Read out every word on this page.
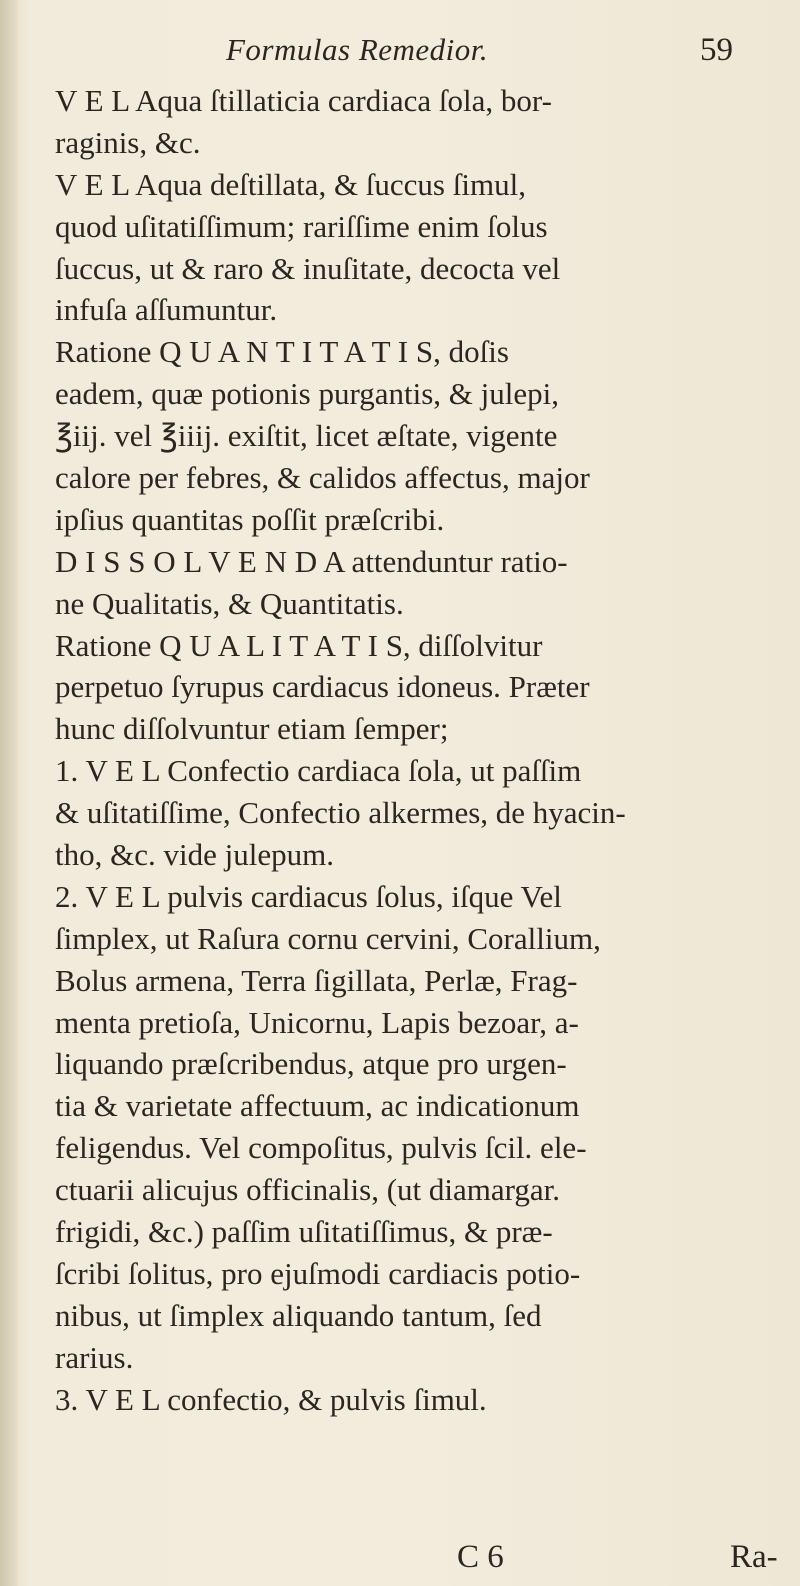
Formulas Remedior.	59
V E L Aqua ſtillaticia cardiaca ſola, bor-
raginis, &c.
V E L Aqua deſtillata, & ſuccus ſimul,
quod uſitatiſſimum; rariſſime enim ſolus
ſuccus, ut & raro & inuſitate, decocta vel
infuſa aſſumuntur.
Ratione Q U A N T I T A T I S, doſis
eadem, quæ potionis purgantis, & julepi,
℥iij. vel ℥iiij. exiſtit, licet æſtate, vigente
calore per febres, & calidos affectus, major
ipſius quantitas poſſit præſcribi.
D I S S O L V E N D A attenduntur ratio-
ne Qualitatis, & Quantitatis.
Ratione Q U A L I T A T I S, diſſolvitur
perpetuo ſyrupus cardiacus idoneus. Præter
hunc diſſolvuntur etiam ſemper;
1. V E L Confectio cardiaca ſola, ut paſſim
& uſitatiſſime, Confectio alkermes, de hyacin-
tho, &c. vide julepum.
2. V E L pulvis cardiacus ſolus, iſque Vel
ſimplex, ut Raſura cornu cervini, Corallium,
Bolus armena, Terra ſigillata, Perlæ, Frag-
menta pretioſa, Unicornu, Lapis bezoar, a-
liquando præſcribendus, atque pro urgen-
tia & varietate affectuum, ac indicationum
feligendus. Vel compoſitus, pulvis ſcil. ele-
ctuarii alicujus officinalis, (ut diamargar.
frigidi, &c.) paſſim uſitatiſſimus, & præ-
ſcribi ſolitus, pro ejuſmodi cardiacis potio-
nibus, ut ſimplex aliquando tantum, ſed
rarius.
3. V E L confectio, & pulvis ſimul.
C 6	Ra-
